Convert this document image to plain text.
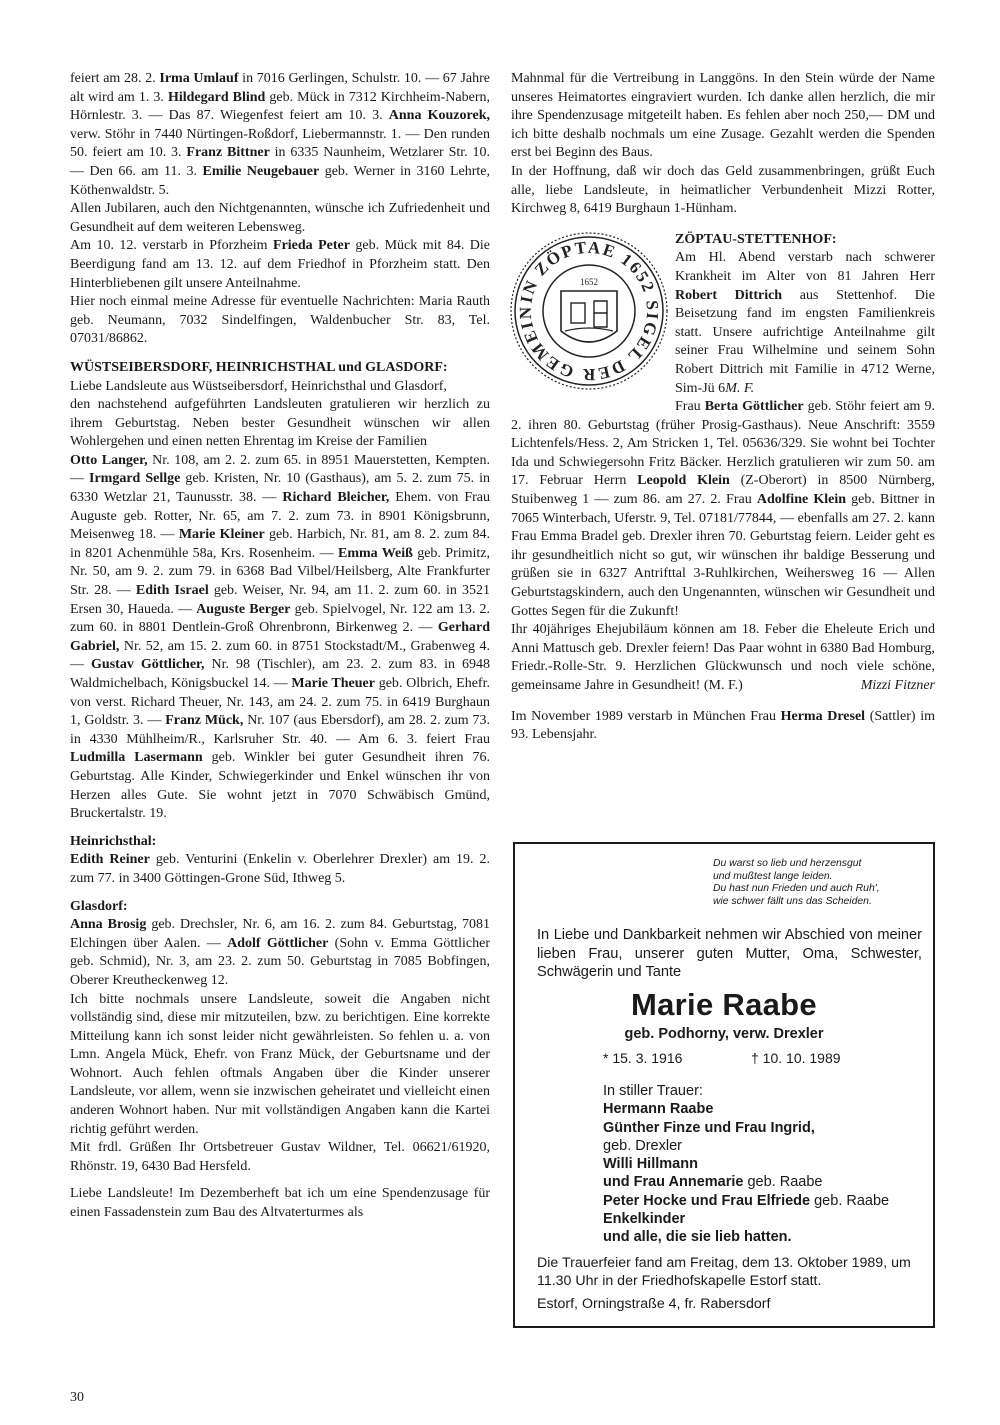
feiert am 28. 2. Irma Umlauf in 7016 Gerlingen, Schulstr. 10. — 67 Jahre alt wird am 1. 3. Hildegard Blind geb. Mück in 7312 Kirchheim-Nabern, Hörnlestr. 3. — Das 87. Wiegenfest feiert am 10. 3. Anna Kouzorek, verw. Stöhr in 7440 Nürtingen-Roßdorf, Liebermannstr. 1. — Den runden 50. feiert am 10. 3. Franz Bittner in 6335 Naunheim, Wetzlarer Str. 10. — Den 66. am 11. 3. Emilie Neugebauer geb. Werner in 3160 Lehrte, Köthenwaldstr. 5.

Allen Jubilaren, auch den Nichtgenannten, wünsche ich Zufriedenheit und Gesundheit auf dem weiteren Lebensweg.

Am 10. 12. verstarb in Pforzheim Frieda Peter geb. Mück mit 84. Die Beerdigung fand am 13. 12. auf dem Friedhof in Pforzheim statt. Den Hinterbliebenen gilt unsere Anteilnahme.

Hier noch einmal meine Adresse für eventuelle Nachrichten: Maria Rauth geb. Neumann, 7032 Sindelfingen, Waldenbucher Str. 83, Tel. 07031/86862.

WÜSTSEIBERSDORF, HEINRICHSTHAL und GLASDORF:

Liebe Landsleute aus Wüstseibersdorf, Heinrichsthal und Glasdorf,

den nachstehend aufgeführten Landsleuten gratulieren wir herzlich zu ihrem Geburtstag. Neben bester Gesundheit wünschen wir allen Wohlergehen und einen netten Ehrentag im Kreise der Familien

Otto Langer, Nr. 108, am 2. 2. zum 65. in 8951 Mauerstetten, Kempten. — Irmgard Sellge geb. Kristen, Nr. 10 (Gasthaus), am 5. 2. zum 75. in 6330 Wetzlar 21, Taunusstr. 38. — Richard Bleicher, Ehem. von Frau Auguste geb. Rotter, Nr. 65, am 7. 2. zum 73. in 8901 Königsbrunn, Meisenweg 18. — Marie Kleiner geb. Harbich, Nr. 81, am 8. 2. zum 84. in 8201 Achenmühle 58a, Krs. Rosenheim. — Emma Weiß geb. Primitz, Nr. 50, am 9. 2. zum 79. in 6368 Bad Vilbel/Heilsberg, Alte Frankfurter Str. 28. — Edith Israel geb. Weiser, Nr. 94, am 11. 2. zum 60. in 3521 Ersen 30, Haueda. — Auguste Berger geb. Spielvogel, Nr. 122 am 13. 2. zum 60. in 8801 Dentlein-Groß Ohrenbronn, Birkenweg 2. — Gerhard Gabriel, Nr. 52, am 15. 2. zum 60. in 8751 Stockstadt/M., Grabenweg 4. — Gustav Göttlicher, Nr. 98 (Tischler), am 23. 2. zum 83. in 6948 Waldmichelbach, Königsbuckel 14. — Marie Theuer geb. Olbrich, Ehefr. von verst. Richard Theuer, Nr. 143, am 24. 2. zum 75. in 6419 Burghaun 1, Goldstr. 3. — Franz Mück, Nr. 107 (aus Ebersdorf), am 28. 2. zum 73. in 4330 Mühlheim/R., Karlsruher Str. 40. — Am 6. 3. feiert Frau Ludmilla Lasermann geb. Winkler bei guter Gesundheit ihren 76. Geburtstag. Alle Kinder, Schwiegerkinder und Enkel wünschen ihr von Herzen alles Gute. Sie wohnt jetzt in 7070 Schwäbisch Gmünd, Bruckertalstr. 19.

Heinrichsthal:

Edith Reiner geb. Venturini (Enkelin v. Oberlehrer Drexler) am 19. 2. zum 77. in 3400 Göttingen-Grone Süd, Ithweg 5.

Glasdorf:

Anna Brosig geb. Drechsler, Nr. 6, am 16. 2. zum 84. Geburtstag, 7081 Elchingen über Aalen. — Adolf Göttlicher (Sohn v. Emma Göttlicher geb. Schmid), Nr. 3, am 23. 2. zum 50. Geburtstag in 7085 Bobfingen, Oberer Kreutheckenweg 12.

Ich bitte nochmals unsere Landsleute, soweit die Angaben nicht vollständig sind, diese mir mitzuteilen, bzw. zu berichtigen. Eine korrekte Mitteilung kann ich sonst leider nicht gewährleisten. So fehlen u. a. von Lmn. Angela Mück, Ehefr. von Franz Mück, der Geburtsname und der Wohnort. Auch fehlen oftmals Angaben über die Kinder unserer Landsleute, vor allem, wenn sie inzwischen geheiratet und vielleicht einen anderen Wohnort haben. Nur mit vollständigen Angaben kann die Kartei richtig geführt werden.

Mit frdl. Grüßen Ihr Ortsbetreuer Gustav Wildner, Tel. 06621/61920, Rhönstr. 19, 6430 Bad Hersfeld.

Liebe Landsleute! Im Dezemberheft bat ich um eine Spendenzusage für einen Fassadenstein zum Bau des Altvaterturmes als

Mahnmal für die Vertreibung in Langgöns. In den Stein würde der Name unseres Heimatortes eingraviert wurden. Ich danke allen herzlich, die mir ihre Spendenzusage mitgeteilt haben. Es fehlen aber noch 250,— DM und ich bitte deshalb nochmals um eine Zusage. Gezahlt werden die Spenden erst bei Beginn des Baus.

In der Hoffnung, daß wir doch das Geld zusammenbringen, grüßt Euch alle, liebe Landsleute, in heimatlicher Verbundenheit Mizzi Rotter, Kirchweg 8, 6419 Burghaun 1-Hünham.

IN ZÖPTAE 1652 SIGEL DER GEMEIN
1652

ZÖPTAU-STETTENHOF:

Am Hl. Abend verstarb nach schwerer Krankheit im Alter von 81 Jahren Herr Robert Dittrich aus Stettenhof. Die Beisetzung fand im engsten Familienkreis statt. Unsere aufrichtige Anteilnahme gilt seiner Frau Wilhelmine und seinem Sohn Robert Dittrich mit Familie in 4712 Werne, Sim-Jü 6M. F.

Frau Berta Göttlicher geb. Stöhr feiert am 9. 2. ihren 80. Geburtstag (früher Prosig-Gasthaus). Neue Anschrift: 3559 Lichtenfels/Hess. 2, Am Stricken 1, Tel. 05636/329. Sie wohnt bei Tochter Ida und Schwiegersohn Fritz Bäcker. Herzlich gratulieren wir zum 50. am 17. Februar Herrn Leopold Klein (Z-Oberort) in 8500 Nürnberg, Stuibenweg 1 — zum 86. am 27. 2. Frau Adolfine Klein geb. Bittner in 7065 Winterbach, Uferstr. 9, Tel. 07181/77844, — ebenfalls am 27. 2. kann Frau Emma Bradel geb. Drexler ihren 70. Geburtstag feiern. Leider geht es ihr gesundheitlich nicht so gut, wir wünschen ihr baldige Besserung und grüßen sie in 6327 Antrifttal 3-Ruhlkirchen, Weihersweg 16 — Allen Geburtstagskindern, auch den Ungenannten, wünschen wir Gesundheit und Gottes Segen für die Zukunft!

Ihr 40jähriges Ehejubiläum können am 18. Feber die Eheleute Erich und Anni Mattusch geb. Drexler feiern! Das Paar wohnt in 6380 Bad Homburg, Friedr.-Rolle-Str. 9. Herzlichen Glückwunsch und noch viele schöne, gemeinsame Jahre in Gesundheit! (M. F.)	Mizzi Fitzner

Im November 1989 verstarb in München Frau Herma Dresel (Sattler) im 93. Lebensjahr.

Du warst so lieb und herzensgut
und mußtest lange leiden.
Du hast nun Frieden und auch Ruh',
wie schwer fällt uns das Scheiden.
In Liebe und Dankbarkeit nehmen wir Abschied von meiner lieben Frau, unserer guten Mutter, Oma, Schwester, Schwägerin und Tante
Marie Raabe
geb. Podhorny, verw. Drexler
* 15. 3. 1916	† 10. 10. 1989
In stiller Trauer:
Hermann Raabe
Günther Finze und Frau Ingrid,
geb. Drexler
Willi Hillmann
und Frau Annemarie geb. Raabe
Peter Hocke und Frau Elfriede geb. Raabe
Enkelkinder
und alle, die sie lieb hatten.
Die Trauerfeier fand am Freitag, dem 13. Oktober 1989, um 11.30 Uhr in der Friedhofskapelle Estorf statt.
Estorf, Orningstraße 4, fr. Rabersdorf
30
